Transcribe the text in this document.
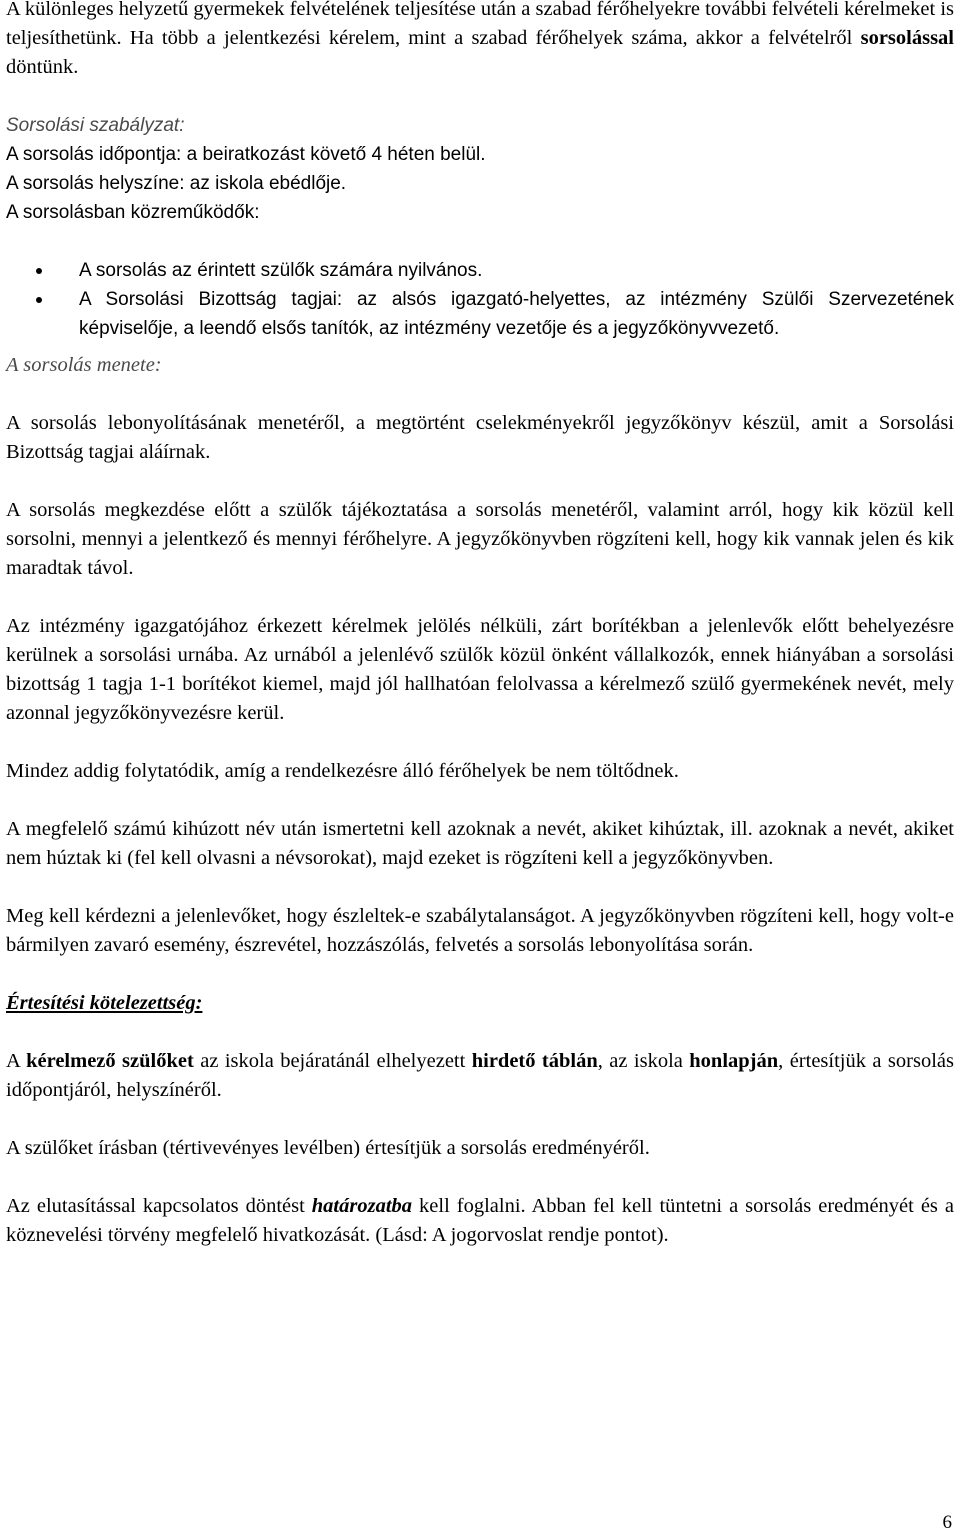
A különleges helyzetű gyermekek felvételének teljesítése után a szabad férőhelyekre további felvételi kérelmeket is teljesíthetünk. Ha több a jelentkezési kérelem, mint a szabad férőhelyek száma, akkor a felvételről sorsolással döntünk.

Sorsolási szabályzat:

A sorsolás időpontja: a beiratkozást követő 4 héten belül.

A sorsolás helyszíne: az iskola ebédlője.

A sorsolásban közreműködők:

A sorsolás az érintett szülők számára nyilvános.
A Sorsolási Bizottság tagjai: az alsós igazgató-helyettes, az intézmény Szülői Szervezetének képviselője, a leendő elsős tanítók, az intézmény vezetője és a jegyzőkönyvvezető.

A sorsolás menete:

A sorsolás lebonyolításának menetéről, a megtörtént cselekményekről jegyzőkönyv készül, amit a Sorsolási Bizottság tagjai aláírnak.

A sorsolás megkezdése előtt a szülők tájékoztatása a sorsolás menetéről, valamint arról, hogy kik közül kell sorsolni, mennyi a jelentkező és mennyi férőhelyre. A jegyzőkönyvben rögzíteni kell, hogy kik vannak jelen és kik maradtak távol.

Az intézmény igazgatójához érkezett kérelmek jelölés nélküli, zárt borítékban a jelenlevők előtt behelyezésre kerülnek a sorsolási urnába. Az urnából a jelenlévő szülők közül önként vállalkozók, ennek hiányában a sorsolási bizottság 1 tagja 1-1 borítékot kiemel, majd jól hallhatóan felolvassa a kérelmező szülő gyermekének nevét, mely azonnal jegyzőkönyvezésre kerül.

Mindez addig folytatódik, amíg a rendelkezésre álló férőhelyek be nem töltődnek.

A megfelelő számú kihúzott név után ismertetni kell azoknak a nevét, akiket kihúztak, ill. azoknak a nevét, akiket nem húztak ki (fel kell olvasni a névsorokat), majd ezeket is rögzíteni kell a jegyzőkönyvben.

Meg kell kérdezni a jelenlevőket, hogy észleltek-e szabálytalanságot. A jegyzőkönyvben rögzíteni kell, hogy volt-e bármilyen zavaró esemény, észrevétel, hozzászólás, felvetés a sorsolás lebonyolítása során.

Értesítési kötelezettség:

A kérelmező szülőket az iskola bejáratánál elhelyezett hirdető táblán, az iskola honlapján, értesítjük a sorsolás időpontjáról, helyszínéről.

A szülőket írásban (tértivevényes levélben) értesítjük a sorsolás eredményéről.

Az elutasítással kapcsolatos döntést határozatba kell foglalni. Abban fel kell tüntetni a sorsolás eredményét és a köznevelési törvény megfelelő hivatkozását. (Lásd: A jogorvoslat rendje pontot).

6
